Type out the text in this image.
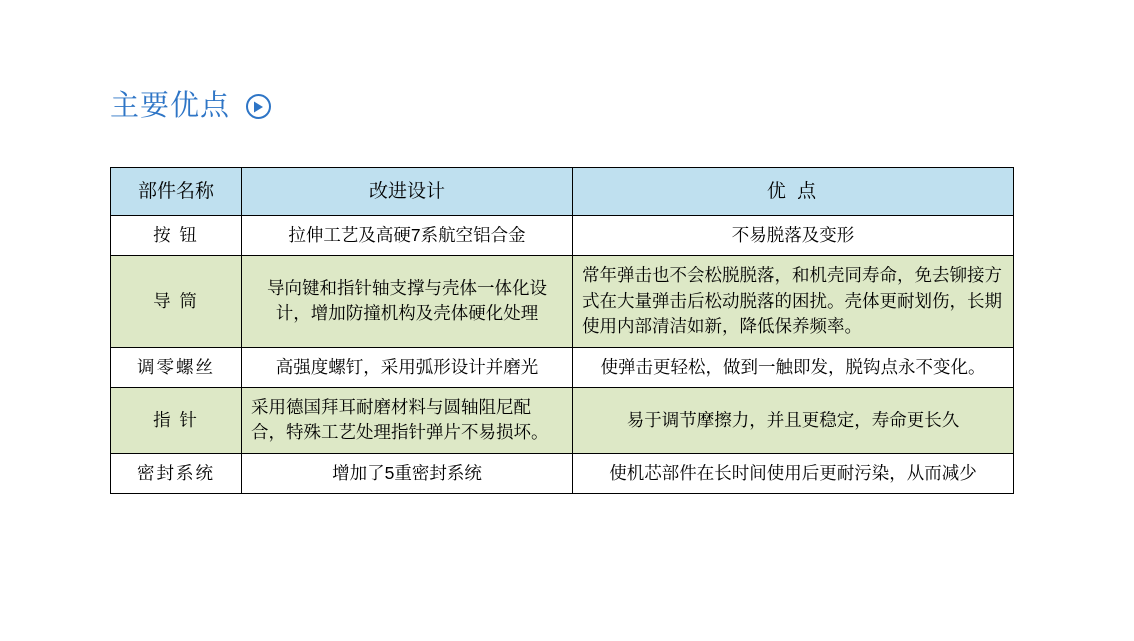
主要优点
部件名称	改进设计	优 点
按 钮	拉伸工艺及高硬7系航空铝合金	不易脱落及变形
导 筒	导向键和指针轴支撑与壳体一体化设计，增加防撞机构及壳体硬化处理	常年弹击也不会松脱脱落，和机壳同寿命，免去铆接方式在大量弹击后松动脱落的困扰。壳体更耐划伤，长期使用内部清洁如新，降低保养频率。
调零螺丝	高强度螺钉，采用弧形设计并磨光	使弹击更轻松，做到一触即发，脱钩点永不变化。
指 针	采用德国拜耳耐磨材料与圆轴阻尼配合，特殊工艺处理指针弹片不易损坏。	易于调节摩擦力，并且更稳定，寿命更长久
密封系统	增加了5重密封系统	使机芯部件在长时间使用后更耐污染，从而减少
